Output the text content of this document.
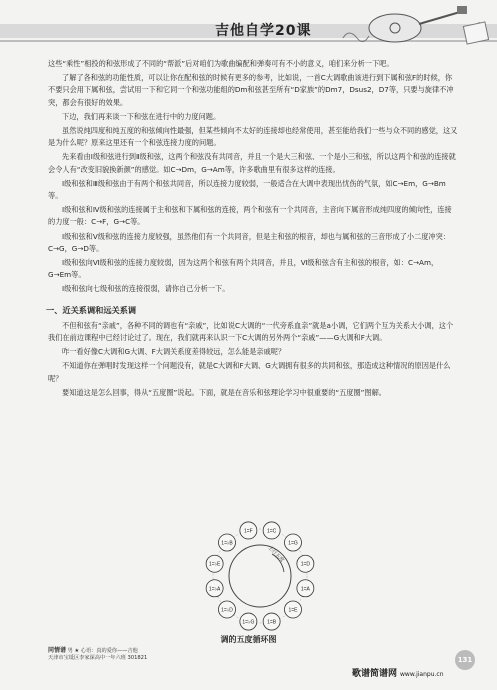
吉他自学20课

这些“乘性”相投的和弦形成了不同的“帮派”后对咱们为歌曲编配和弹奏可有不小的意义，咱们来分析一下吧。

了解了各和弦的功能性质，可以让你在配和弦的时候有更多的参考，比如说，一首C大调歌曲该进行到下属和弦F的时候，你不要只会用下属和弦，尝试用一下和它同一个和弦功能组的Dm和弦甚至所有“D家族”的Dm7，Dsus2，D7等，只要与旋律不冲突，都会有很好的效果。

下边，我们再来谈一下和弦在进行中的力度问题。

虽然说纯四度和纯五度的和弦倾向性最强，但某些倾向不太好的连接却也经常使用，甚至能给我们一些与众不同的感觉，这又是为什么呢？原来这里还有一个和弦连接力度的问题。

先来看由Ⅰ级和弦进行到Ⅱ级和弦，这两个和弦没有共同音，并且一个是大三和弦、一个是小三和弦，所以这两个和弦的连接就会令人有“改变旧貌换新颜”的感觉。如C→Dm，G→Am等，许多歌曲里有很多这样的连接。

Ⅰ级和弦和Ⅲ级和弦由于有两个和弦共同音，所以连接力度较弱，一般适合在大调中表现出忧伤的气氛，如C→Em，G→Bm等。

Ⅰ级和弦和Ⅳ级和弦的连接属于主和弦和下属和弦的连接，两个和弦有一个共同音，主音向下属音形成纯四度的倾向性，连接的力度一般：C→F，G→C等。

Ⅰ级和弦和Ⅴ级和弦的连接力度较强，虽然他们有一个共同音，但是主和弦的根音，却也与属和弦的三音形成了小二度冲突：C→G，G→D等。

Ⅰ级和弦向Ⅵ级和弦的连接力度较弱，因为这两个和弦有两个共同音，并且，Ⅵ级和弦含有主和弦的根音，如：C→Am，G→Em等。

Ⅰ级和弦向七级和弦的连接很弱，请你自己分析一下。

一、近关系调和远关系调

不但和弦有“亲戚”，各种不同的调也有“亲戚”，比如说C大调的“一代旁系血亲”就是a小调，它们两个互为关系大小调，这个我们在前边课程中已经讨论过了。现在，我们就再来认识一下C大调的另外两个“亲戚”——G大调和F大调。

咋一看好像C大调和G大调、F大调关系度差得较远，怎么能是亲戚呢？

不知道你在弹唱时发现这样一个问题没有，就是C大调和F大调、G大调拥有很多的共同和弦，那造成这种情况的原因是什么呢？

要知道这是怎么回事，得从“五度圈”说起。下面，就是在音乐和弦理论学习中很重要的“五度圈”图解。

上行五度
1=C
1=G
1=D
1=A
1=E
1=B
1=F
1=♭B
1=♭E
1=♭A
1=♭D
1=♭G
调的五度循环图
同情谱 男 ★ 心语：真的爱你——吉他
天津市宝坻区李家深高中一年六班 301821	131
歌谱简谱网 www.jianpu.cn
